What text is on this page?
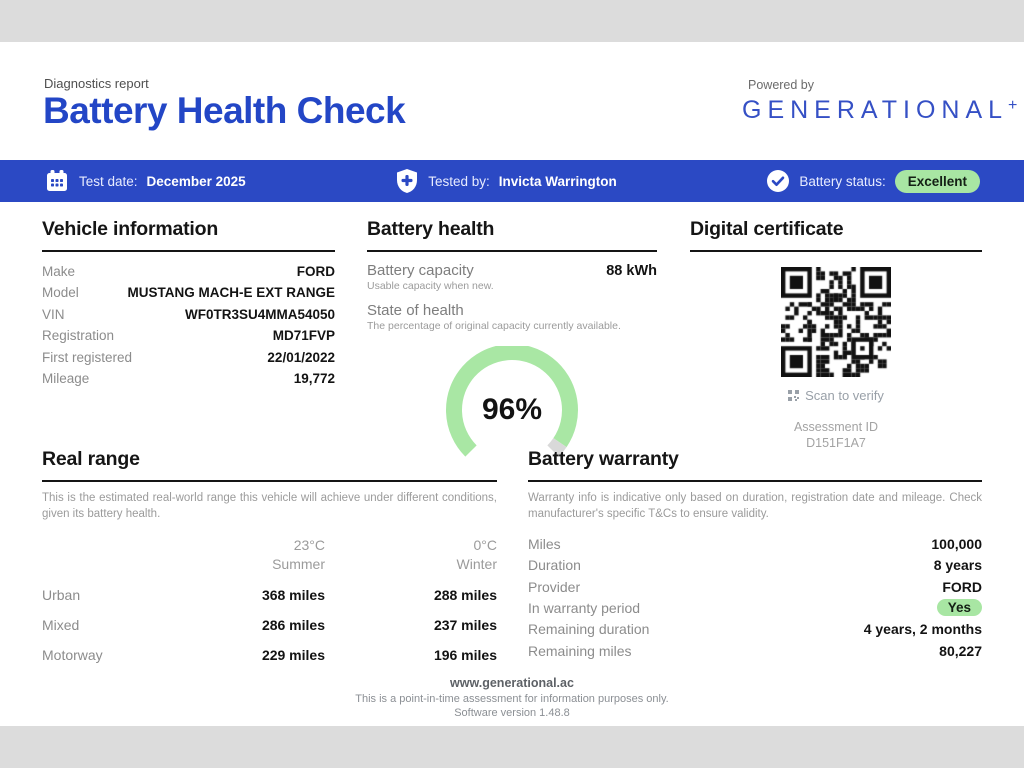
Diagnostics report
Battery Health Check
Powered by
GENERATIONAL+
Test date: December 2025	Tested by: Invicta Warrington	Battery status:	Excellent
Vehicle information
Make	FORD
Model	MUSTANG MACH-E EXT RANGE
VIN	WF0TR3SU4MMA54050
Registration	MD71FVP
First registered	22/01/2022
Mileage	19,772
Battery health
Battery capacity	88 kWh
Usable capacity when new.
State of health
The percentage of original capacity currently available.
96%
Digital certificate
Scan to verify
Assessment ID
D151F1A7
Real range

This is the estimated real-world range this vehicle will achieve under different conditions, given its battery health.

23°C	0°C
Summer	Winter
Urban	368 miles	288 miles
Mixed	286 miles	237 miles
Motorway	229 miles	196 miles
Battery warranty

Warranty info is indicative only based on duration, registration date and mileage. Check manufacturer's specific T&Cs to ensure validity.

Miles	100,000
Duration	8 years
Provider	FORD
In warranty period	Yes
Remaining duration	4 years, 2 months
Remaining miles	80,227
www.generational.ac
This is a point-in-time assessment for information purposes only.
Software version 1.48.8
